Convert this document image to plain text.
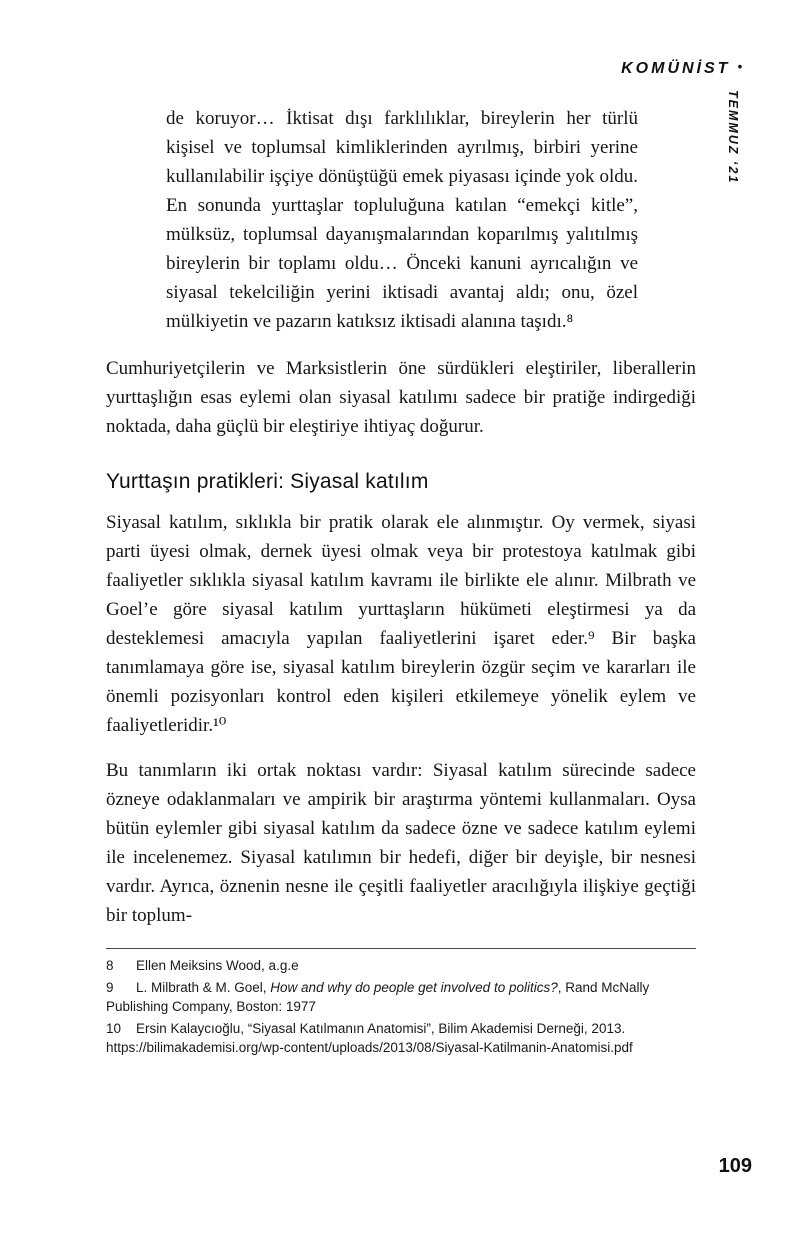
KOMÜNİST •
TEMMUZ ‘21

de koruyor… İktisat dışı farklılıklar, bireylerin her türlü kişisel ve toplumsal kimliklerinden ayrılmış, birbiri yerine kullanılabilir işçiye dönüştüğü emek piyasası içinde yok oldu. En sonunda yurttaşlar topluluğuna katılan “emekçi kitle”, mülksüz, toplumsal dayanışmalarından koparılmış yalıtılmış bireylerin bir toplamı oldu… Önceki kanuni ayrıcalığın ve siyasal tekelciliğin yerini iktisadi avantaj aldı; onu, özel mülkiyetin ve pazarın katıksız iktisadi alanına taşıdı.⁸

Cumhuriyetçilerin ve Marksistlerin öne sürdükleri eleştiriler, liberallerin yurttaşlığın esas eylemi olan siyasal katılımı sadece bir pratiğe indirgediği noktada, daha güçlü bir eleştiriye ihtiyaç doğurur.

Yurttaşın pratikleri: Siyasal katılım

Siyasal katılım, sıklıkla bir pratik olarak ele alınmıştır. Oy vermek, siyasi parti üyesi olmak, dernek üyesi olmak veya bir protestoya katılmak gibi faaliyetler sıklıkla siyasal katılım kavramı ile birlikte ele alınır. Milbrath ve Goel’e göre siyasal katılım yurttaşların hükümeti eleştirmesi ya da desteklemesi amacıyla yapılan faaliyetlerini işaret eder.⁹ Bir başka tanımlamaya göre ise, siyasal katılım bireylerin özgür seçim ve kararları ile önemli pozisyonları kontrol eden kişileri etkilemeye yönelik eylem ve faaliyetleridir.¹⁰

Bu tanımların iki ortak noktası vardır: Siyasal katılım sürecinde sadece özneye odaklanmaları ve ampirik bir araştırma yöntemi kullanmaları. Oysa bütün eylemler gibi siyasal katılım da sadece özne ve sadece katılım eylemi ile incelenemez. Siyasal katılımın bir hedefi, diğer bir deyişle, bir nesnesi vardır. Ayrıca, öznenin nesne ile çeşitli faaliyetler aracılığıyla ilişkiye geçtiği bir toplum-

8 Ellen Meiksins Wood, a.g.e

9 L. Milbrath & M. Goel, How and why do people get involved to politics?, Rand McNally Publishing Company, Boston: 1977

10 Ersin Kalaycıoğlu, “Siyasal Katılmanın Anatomisi”, Bilim Akademisi Derneği, 2013. https://bilimakademisi.org/wp-content/uploads/2013/08/Siyasal-Katilmanin-Anatomisi.pdf

109
